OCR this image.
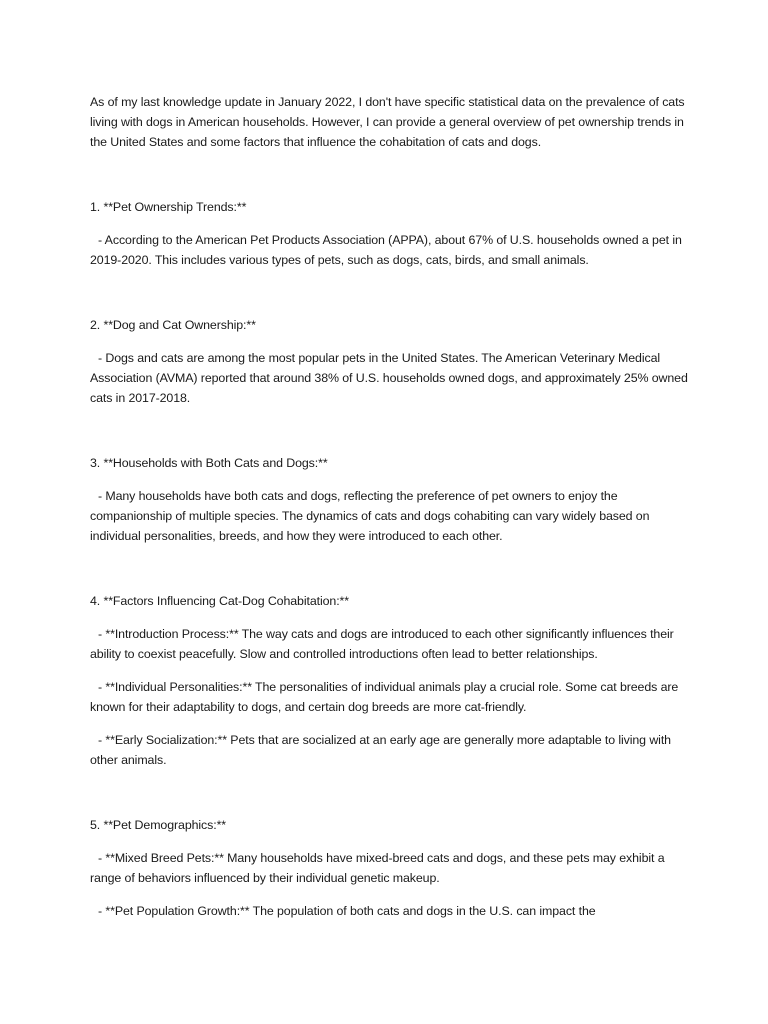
As of my last knowledge update in January 2022, I don't have specific statistical data on the prevalence of cats living with dogs in American households. However, I can provide a general overview of pet ownership trends in the United States and some factors that influence the cohabitation of cats and dogs.

1. **Pet Ownership Trends:**

- According to the American Pet Products Association (APPA), about 67% of U.S. households owned a pet in 2019-2020. This includes various types of pets, such as dogs, cats, birds, and small animals.

2. **Dog and Cat Ownership:**

- Dogs and cats are among the most popular pets in the United States. The American Veterinary Medical Association (AVMA) reported that around 38% of U.S. households owned dogs, and approximately 25% owned cats in 2017-2018.

3. **Households with Both Cats and Dogs:**

- Many households have both cats and dogs, reflecting the preference of pet owners to enjoy the companionship of multiple species. The dynamics of cats and dogs cohabiting can vary widely based on individual personalities, breeds, and how they were introduced to each other.

4. **Factors Influencing Cat-Dog Cohabitation:**

- **Introduction Process:** The way cats and dogs are introduced to each other significantly influences their ability to coexist peacefully. Slow and controlled introductions often lead to better relationships.

- **Individual Personalities:** The personalities of individual animals play a crucial role. Some cat breeds are known for their adaptability to dogs, and certain dog breeds are more cat-friendly.

- **Early Socialization:** Pets that are socialized at an early age are generally more adaptable to living with other animals.

5. **Pet Demographics:**

- **Mixed Breed Pets:** Many households have mixed-breed cats and dogs, and these pets may exhibit a range of behaviors influenced by their individual genetic makeup.

- **Pet Population Growth:** The population of both cats and dogs in the U.S. can impact the
